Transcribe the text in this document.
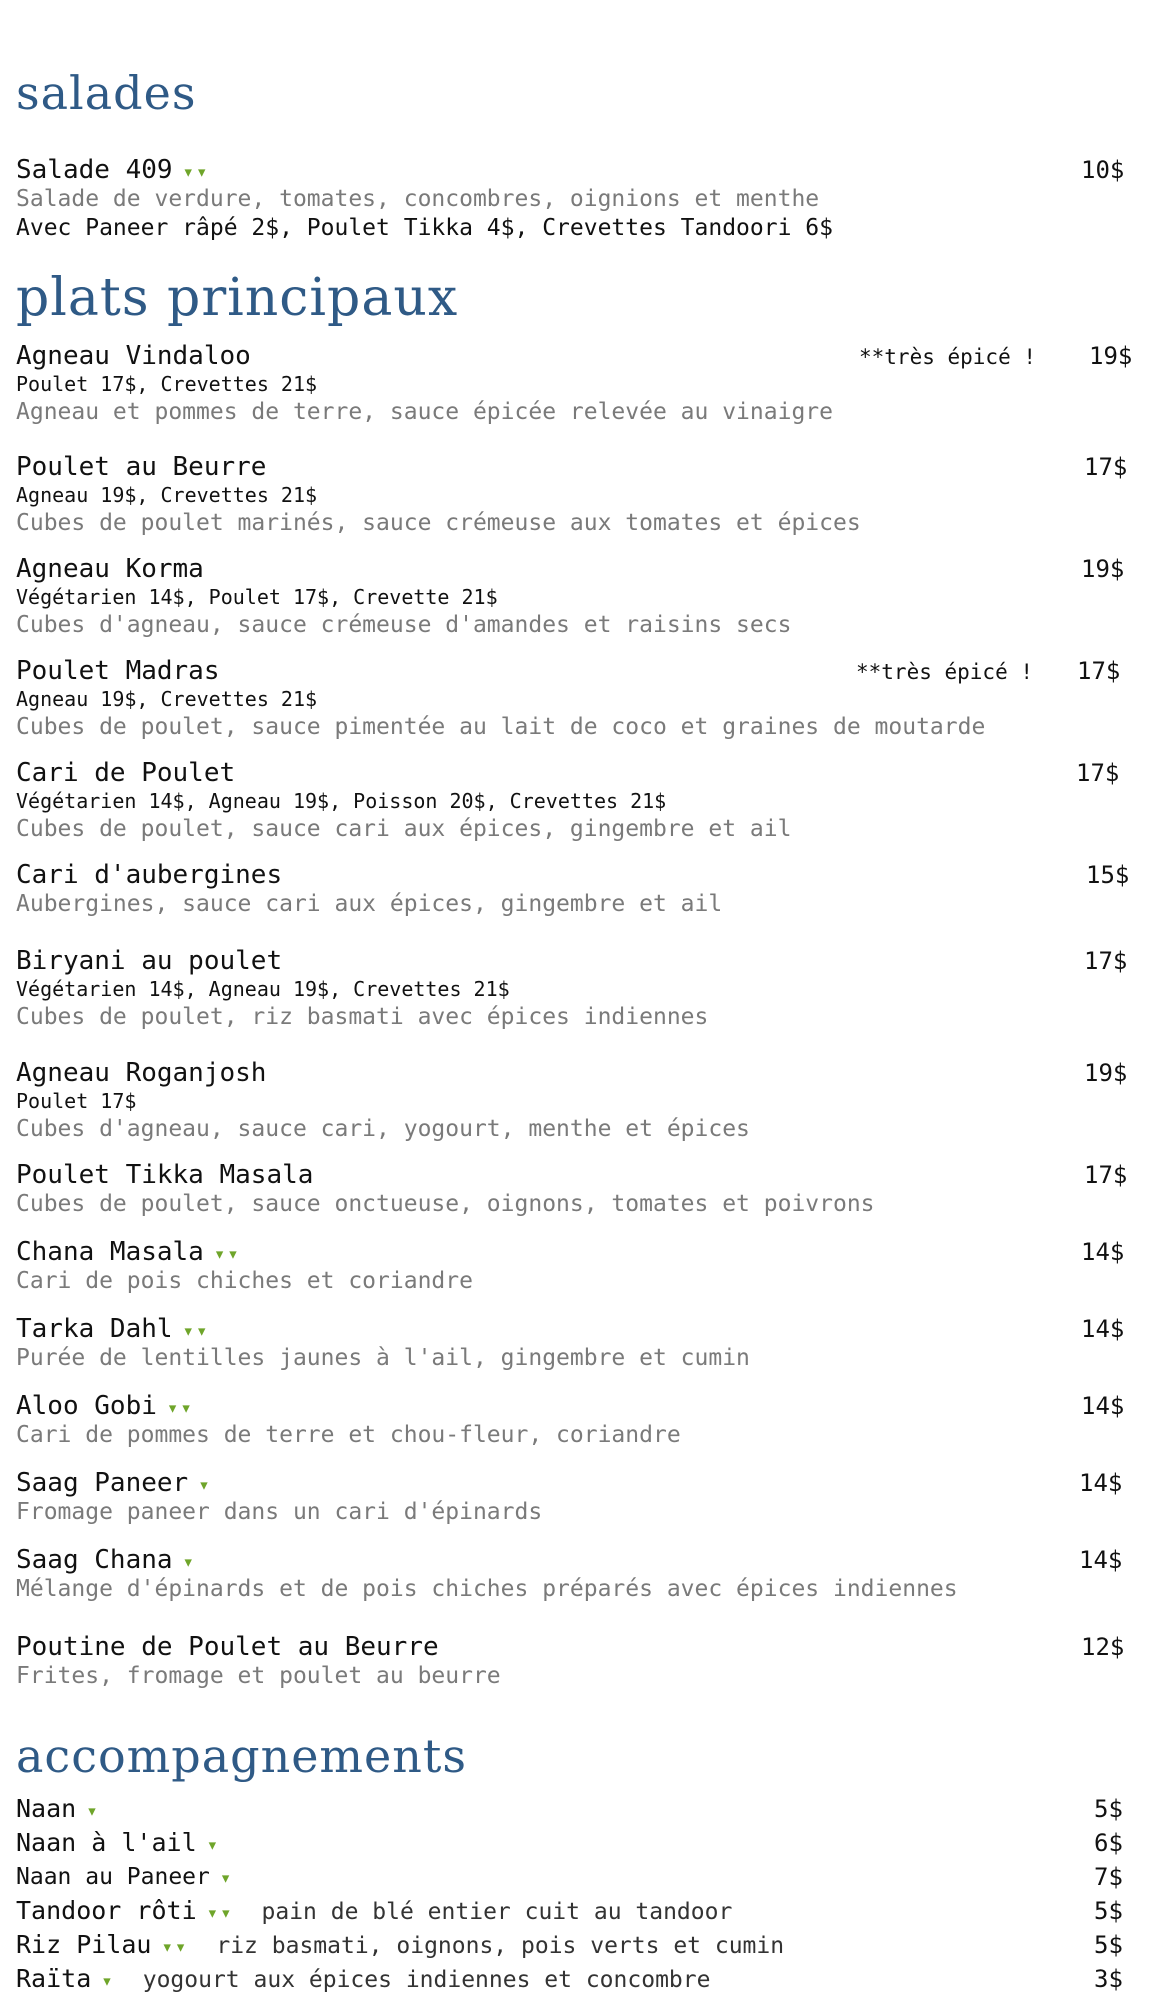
salades
Salade 409 ▾▾	10$
Salade de verdure, tomates, concombres, oignions et menthe
Avec Paneer râpé 2$, Poulet Tikka 4$, Crevettes Tandoori 6$
plats principaux
Agneau Vindaloo	**très épicé ! 19$
Poulet 17$, Crevettes 21$
Agneau et pommes de terre, sauce épicée relevée au vinaigre
Poulet au Beurre	17$
Agneau 19$, Crevettes 21$
Cubes de poulet marinés, sauce crémeuse aux tomates et épices
Agneau Korma	19$
Végétarien 14$, Poulet 17$, Crevette 21$
Cubes d'agneau, sauce crémeuse d'amandes et raisins secs
Poulet Madras	**très épicé ! 17$
Agneau 19$, Crevettes 21$
Cubes de poulet, sauce pimentée au lait de coco et graines de moutarde
Cari de Poulet	17$
Végétarien 14$, Agneau 19$, Poisson 20$, Crevettes 21$
Cubes de poulet, sauce cari aux épices, gingembre et ail
Cari d'aubergines	15$
Aubergines, sauce cari aux épices, gingembre et ail
Biryani au poulet	17$
Végétarien 14$, Agneau 19$, Crevettes 21$
Cubes de poulet, riz basmati avec épices indiennes
Agneau Roganjosh	19$
Poulet 17$
Cubes d'agneau, sauce cari, yogourt, menthe et épices
Poulet Tikka Masala	17$
Cubes de poulet, sauce onctueuse, oignons, tomates et poivrons
Chana Masala ▾▾	14$
Cari de pois chiches et coriandre
Tarka Dahl ▾▾	14$
Purée de lentilles jaunes à l'ail, gingembre et cumin
Aloo Gobi ▾▾	14$
Cari de pommes de terre et chou-fleur, coriandre
Saag Paneer ▾	14$
Fromage paneer dans un cari d'épinards
Saag Chana ▾	14$
Mélange d'épinards et de pois chiches préparés avec épices indiennes
Poutine de Poulet au Beurre	12$
Frites, fromage et poulet au beurre
accompagnements
Naan ▾	5$
Naan à l'ail ▾	6$
Naan au Paneer ▾	7$
Tandoor rôti ▾▾ pain de blé entier cuit au tandoor	5$
Riz Pilau ▾▾ riz basmati, oignons, pois verts et cumin	5$
Raïta ▾ yogourt aux épices indiennes et concombre	3$
